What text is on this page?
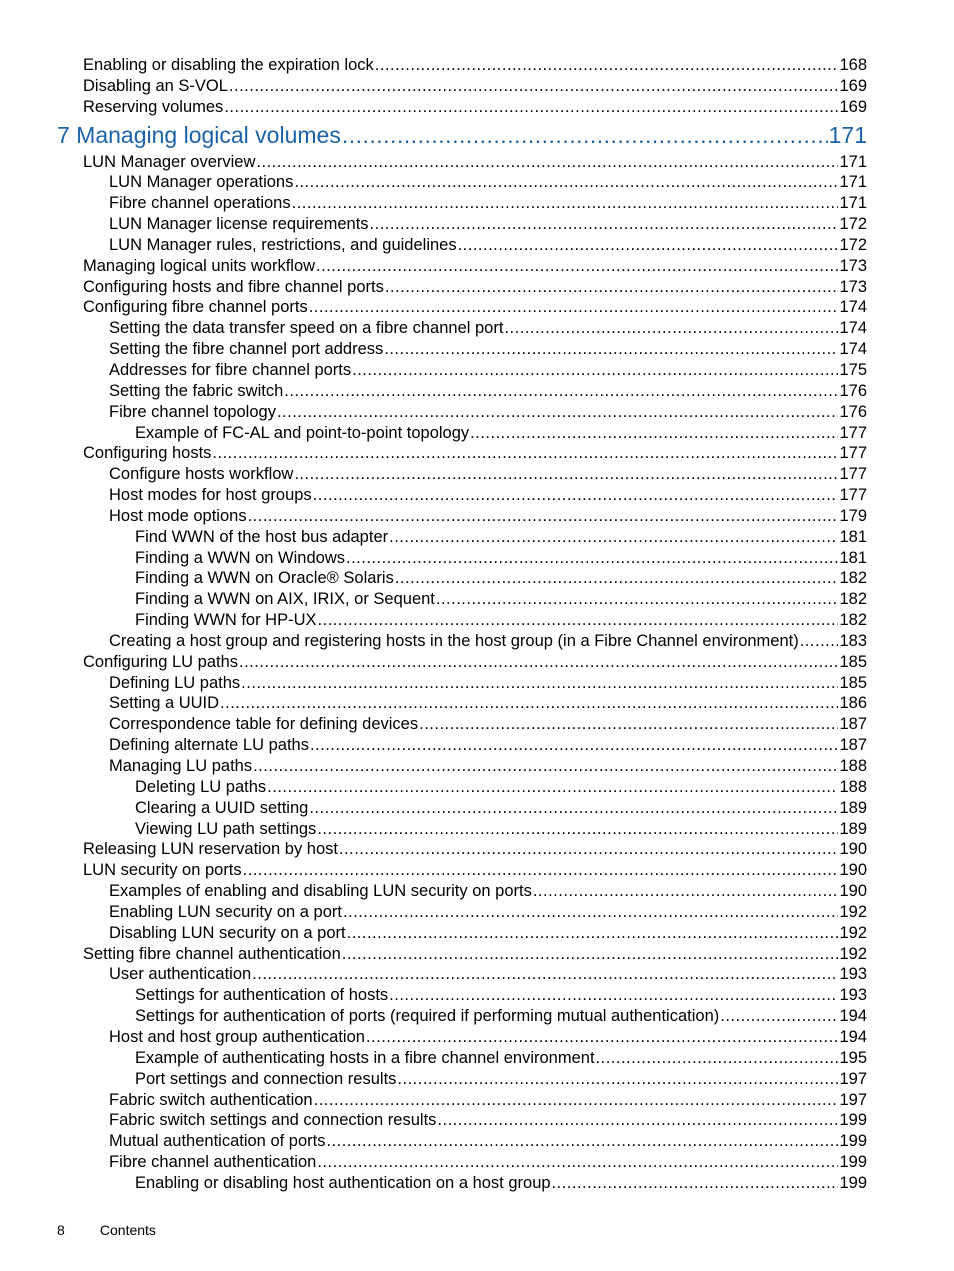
Enabling or disabling the expiration lock .....	168
Disabling an S-VOL .....	169
Reserving volumes .....	169
7 Managing logical volumes .....	171
LUN Manager overview .....	171
LUN Manager operations .....	171
Fibre channel operations .....	171
LUN Manager license requirements .....	172
LUN Manager rules, restrictions, and guidelines .....	172
Managing logical units workflow .....	173
Configuring hosts and fibre channel ports .....	173
Configuring fibre channel ports .....	174
Setting the data transfer speed on a fibre channel port .....	174
Setting the fibre channel port address .....	174
Addresses for fibre channel ports .....	175
Setting the fabric switch .....	176
Fibre channel topology .....	176
Example of FC-AL and point-to-point topology .....	177
Configuring hosts .....	177
Configure hosts workflow .....	177
Host modes for host groups .....	177
Host mode options .....	179
Find WWN of the host bus adapter .....	181
Finding a WWN on Windows .....	181
Finding a WWN on Oracle® Solaris .....	182
Finding a WWN on AIX, IRIX, or Sequent .....	182
Finding WWN for HP-UX .....	182
Creating a host group and registering hosts in the host group (in a Fibre Channel environment) ..... 183
Configuring LU paths .....	185
Defining LU paths .....	185
Setting a UUID .....	186
Correspondence table for defining devices .....	187
Defining alternate LU paths .....	187
Managing LU paths .....	188
Deleting LU paths .....	188
Clearing a UUID setting .....	189
Viewing LU path settings .....	189
Releasing LUN reservation by host .....	190
LUN security on ports .....	190
Examples of enabling and disabling LUN security on ports .....	190
Enabling LUN security on a port .....	192
Disabling LUN security on a port .....	192
Setting fibre channel authentication .....	192
User authentication .....	193
Settings for authentication of hosts .....	193
Settings for authentication of ports (required if performing mutual authentication) .....	194
Host and host group authentication .....	194
Example of authenticating hosts in a fibre channel environment .....	195
Port settings and connection results .....	197
Fabric switch authentication .....	197
Fabric switch settings and connection results .....	199
Mutual authentication of ports .....	199
Fibre channel authentication .....	199
Enabling or disabling host authentication on a host group .....	199
8	Contents
